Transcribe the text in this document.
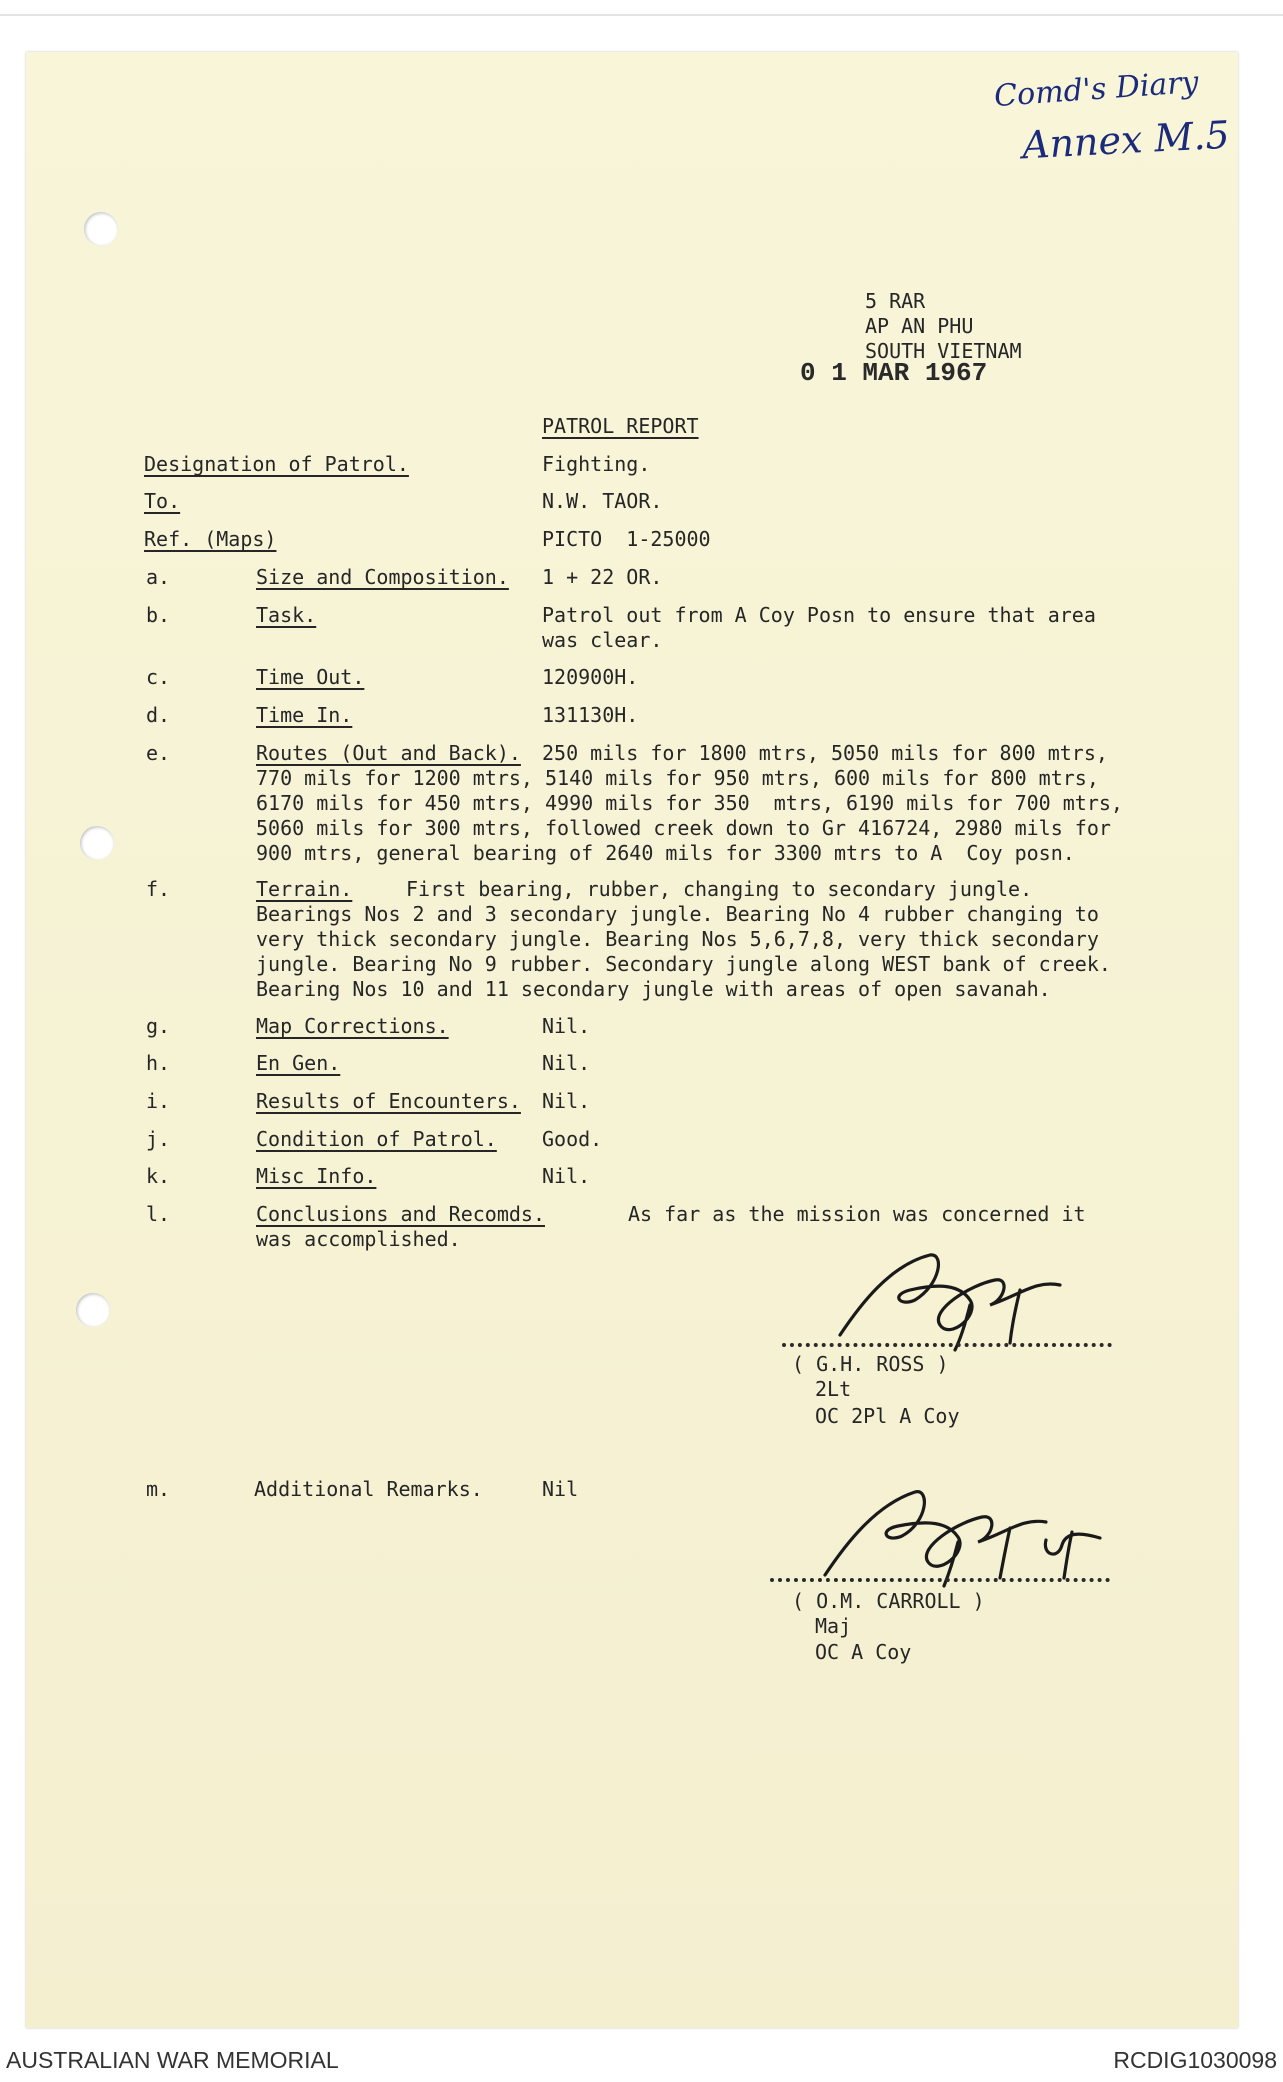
Comd's Diary
Annex M.5
5 RAR
AP AN PHU
SOUTH VIETNAM
0 1 MAR 1967
PATROL REPORT
Designation of Patrol.	Fighting.
To.	N.W. TAOR.
Ref. (Maps)	PICTO  1-25000
a.	Size and Composition. 1 + 22 OR.
b.	Task.	Patrol out from A Coy Posn to ensure that area
was clear.
c.	Time Out.	120900H.
d.	Time In.	131130H.
e.	Routes (Out and Back). 250 mils for 1800 mtrs, 5050 mils for 800 mtrs,
770 mils for 1200 mtrs, 5140 mils for 950 mtrs, 600 mils for 800 mtrs,
6170 mils for 450 mtrs, 4990 mils for 350  mtrs, 6190 mils for 700 mtrs,
5060 mils for 300 mtrs, followed creek down to Gr 416724, 2980 mils for
900 mtrs, general bearing of 2640 mils for 3300 mtrs to A  Coy posn.
f.	Terrain.	First bearing, rubber, changing to secondary jungle.
Bearings Nos 2 and 3 secondary jungle. Bearing No 4 rubber changing to
very thick secondary jungle. Bearing Nos 5,6,7,8, very thick secondary
jungle. Bearing No 9 rubber. Secondary jungle along WEST bank of creek.
Bearing Nos 10 and 11 secondary jungle with areas of open savanah.
g.	Map Corrections.	Nil.
h.	En Gen.	Nil.
i.	Results of Encounters. Nil.
j.	Condition of Patrol. Good.
k.	Misc Info.	Nil.
l.	Conclusions and Recomds.	As far as the mission was concerned it
was accomplished.
( G.H. ROSS )
2Lt
OC 2Pl A Coy
m.	Additional Remarks.	Nil
( O.M. CARROLL )
Maj
OC A Coy
AUSTRALIAN WAR MEMORIAL	RCDIG1030098
